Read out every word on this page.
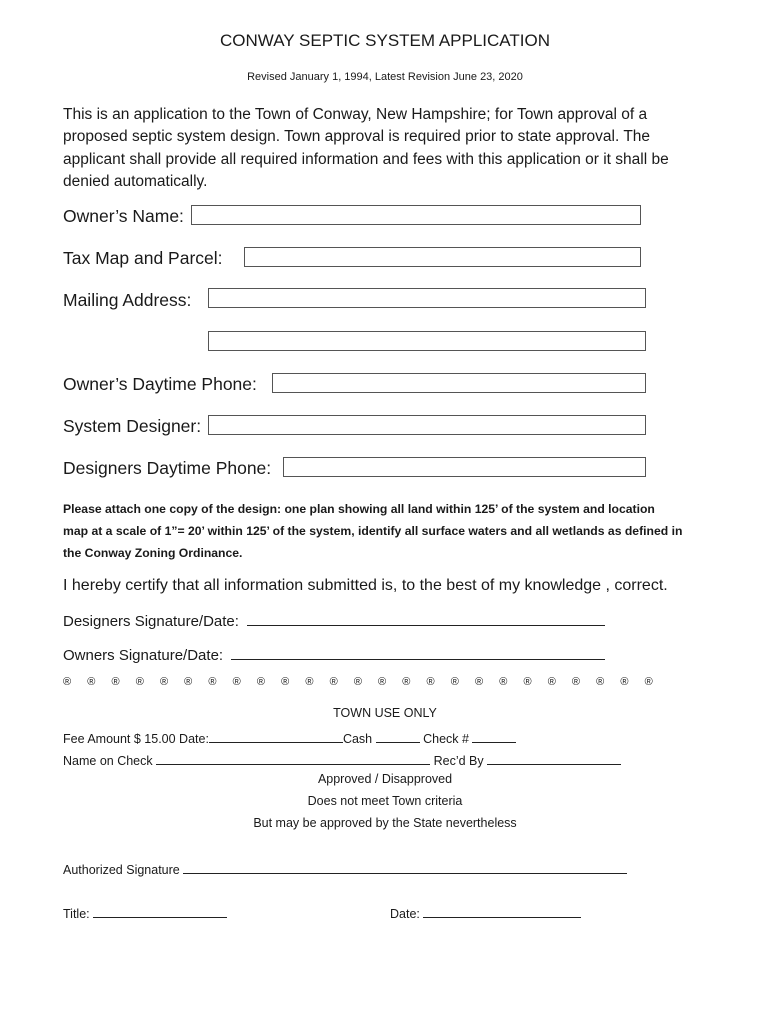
CONWAY SEPTIC SYSTEM APPLICATION
Revised January 1, 1994, Latest Revision June 23, 2020
This is an application to the Town of Conway, New Hampshire; for Town approval of a proposed septic system design. Town approval is required prior to state approval. The applicant shall provide all required information and fees with this application or it shall be denied automatically.
Owner’s Name:
Tax Map and Parcel:
Mailing Address:
Owner’s Daytime Phone:
System Designer:
Designers Daytime Phone:
Please attach one copy of the design: one plan showing all land within 125’ of the system and location map at a scale of 1”= 20’ within 125’ of the system, identify all surface waters and all wetlands as defined in the Conway Zoning Ordinance.
I hereby certify that all information submitted is, to the best of my knowledge , correct.
Designers Signature/Date:
Owners Signature/Date:
® ® ® ® ® ® ® ® ® ® ® ® ® ® ® ® ® ® ® ® ® ® ® ® ®
TOWN USE ONLY
Fee Amount $ 15.00 Date:	Cash	Check #
Name on Check	Rec’d By
Approved / Disapproved
Does not meet Town criteria
But may be approved by the State nevertheless
Authorized Signature
Title:	Date:
